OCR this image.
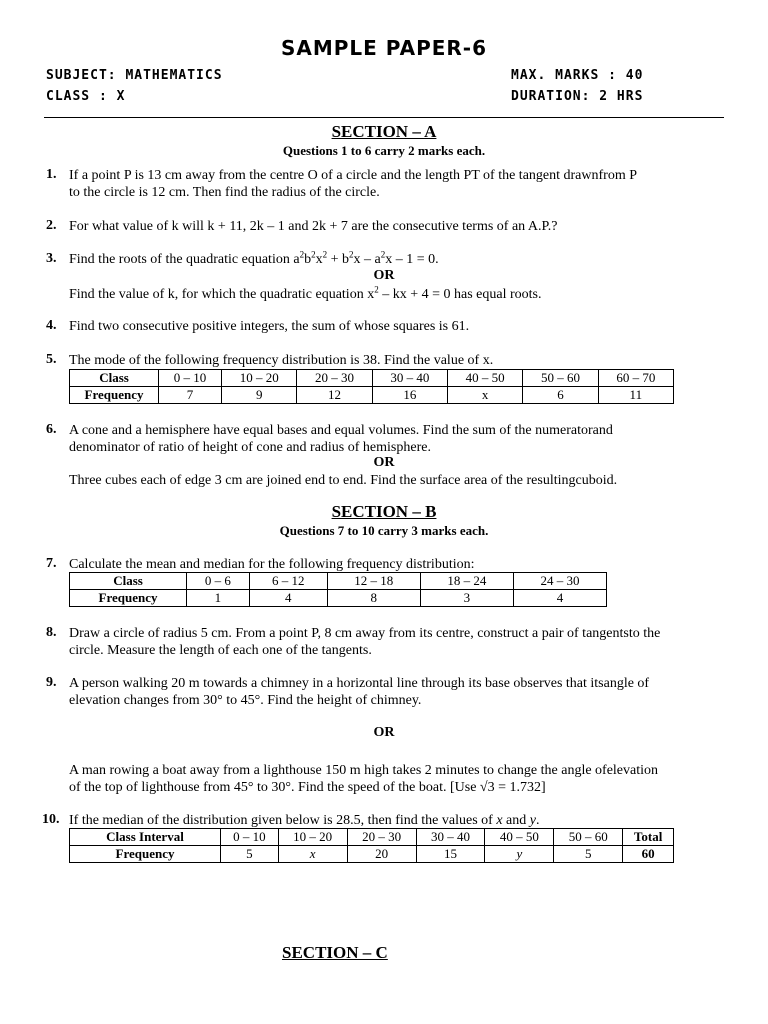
SAMPLE PAPER-6
SUBJECT: MATHEMATICS	MAX. MARKS : 40
CLASS : X	DURATION: 2 HRS
SECTION – A
Questions 1 to 6 carry 2 marks each.
1. If a point P is 13 cm away from the centre O of a circle and the length PT of the tangent drawnfrom P
to the circle is 12 cm. Then find the radius of the circle.
2. For what value of k will k + 11, 2k – 1 and 2k + 7 are the consecutive terms of an A.P.?
3. Find the roots of the quadratic equation $a^2b^2x^2 + b^2x - a^2x - 1 = 0$.
OR
Find the value of k, for which the quadratic equation $x^2$ – kx + 4 = 0 has equal roots.
4. Find two consecutive positive integers, the sum of whose squares is 61.
5. The mode of the following frequency distribution is 38. Find the value of x.
Class	0 – 10	10 – 20	20 – 30	30 – 40	40 – 50	50 – 60	60 – 70
Frequency	7	9	12	16	x	6	11
6. A cone and a hemisphere have equal bases and equal volumes. Find the sum of the numeratorand
denominator of ratio of height of cone and radius of hemisphere.
OR
Three cubes each of edge 3 cm are joined end to end. Find the surface area of the resultingcuboid.
SECTION – B
Questions 7 to 10 carry 3 marks each.
7. Calculate the mean and median for the following frequency distribution:
Class	0 – 6	6 – 12	12 – 18	18 – 24	24 – 30
Frequency	1	4	8	3	4
8. Draw a circle of radius 5 cm. From a point P, 8 cm away from its centre, construct a pair of tangentsto the
circle. Measure the length of each one of the tangents.
9. A person walking 20 m towards a chimney in a horizontal line through its base observes that itsangle of
elevation changes from 30° to 45°. Find the height of chimney.
OR
A man rowing a boat away from a lighthouse 150 m high takes 2 minutes to change the angle ofelevation
of the top of lighthouse from 45° to 30°. Find the speed of the boat. [Use √3 = 1.732]
10. If the median of the distribution given below is 28.5, then find the values of x and y.
Class Interval	0 – 10	10 – 20	20 – 30	30 – 40	40 – 50	50 – 60	Total
Frequency	5	x	20	15	y	5	60
SECTION – C
